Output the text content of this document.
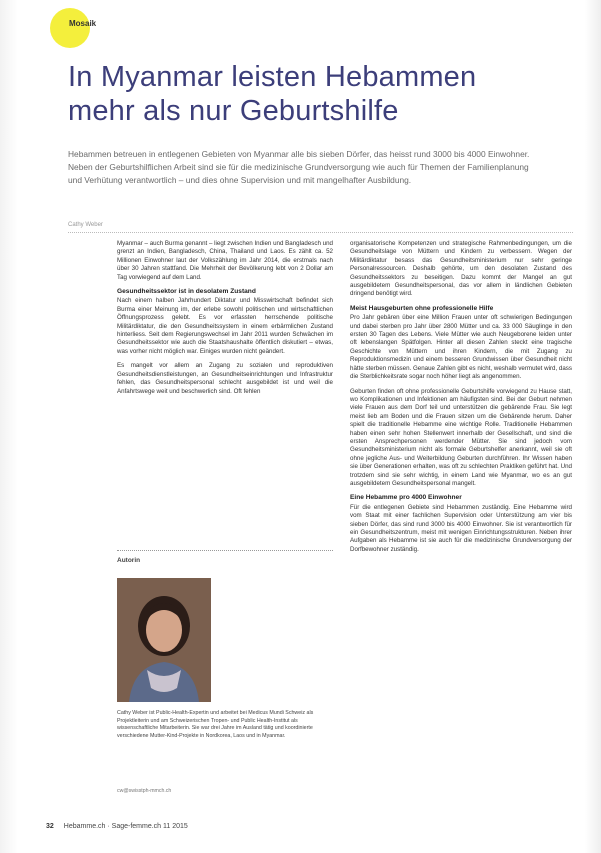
Mosaik
In Myanmar leisten Hebammen mehr als nur Geburtshilfe

Hebammen betreuen in entlegenen Gebieten von Myanmar alle bis sieben Dörfer, das heisst rund 3000 bis 4000 Einwohner. Neben der Geburtshilflichen Arbeit sind sie für die medizinische Grundversorgung wie auch für Themen der Familienplanung und Verhütung verantwortlich – und dies ohne Supervision und mit mangelhafter Ausbildung.

Cathy Weber

Myanmar – auch Burma genannt – liegt zwischen Indien und Bangladesch und grenzt an Indien, Bangladesch, China, Thailand und Laos. Es zählt ca. 52 Millionen Einwohner laut der Volkszählung im Jahr 2014, die erstmals nach über 30 Jahren stattfand. Die Mehrheit der Bevölkerung lebt von 2 Dollar am Tag vorwiegend auf dem Land.

Gesundheitssektor ist in desolatem Zustand

Nach einem halben Jahrhundert Diktatur und Misswirtschaft befindet sich Burma einer Meinung im, der erlebe sowohl politischen und wirtschaftlichen Öffnungsprozess gelebt. Es vor erfassten herrschende politische Militärdiktatur, die den Gesundheitssystem in einem erbärmlichen Zustand hinterliess. Seit dem Regierungswechsel im Jahr 2011 wurden Schwächen im Gesundheitssektor wie auch die Staatshaushalte öffentlich diskutiert – etwas, was vorher nicht möglich war. Einiges wurden nicht geändert.

Es mangelt vor allem an Zugang zu sozialen und reproduktiven Gesundheitsdienstleistungen, an Gesundheitseinrichtungen und Infrastruktur fehlen, das Gesundheitspersonal schlecht ausgebildet ist und weil die Anfahrtswege weit und beschwerlich sind. Oft fehlen

organisatorische Kompetenzen und strategische Rahmenbedingungen, um die Gesundheitslage von Müttern und Kindern zu verbessern. Wegen der Militärdiktatur besass das Gesundheitsministerium nur sehr geringe Personalressourcen. Deshalb gehörte, um den desolaten Zustand des Gesundheitssektors zu beseitigen. Dazu kommt der Mangel an gut ausgebildetem Gesundheitspersonal, das vor allem in ländlichen Gebieten dringend benötigt wird.

Meist Hausgeburten ohne professionelle Hilfe

Pro Jahr gebären über eine Million Frauen unter oft schwierigen Bedingungen und dabei sterben pro Jahr über 2800 Mütter und ca. 33 000 Säuglinge in den ersten 30 Tagen des Lebens. Viele Mütter wie auch Neugeborene leiden unter oft lebenslangen Spätfolgen. Hinter all diesen Zahlen steckt eine tragische Geschichte von Müttern und ihren Kindern, die mit Zugang zu Reproduktionsmedizin und einem besseren Grundwissen über Gesundheit nicht hätte sterben müssen. Genaue Zahlen gibt es nicht, weshalb vermutet wird, dass die Sterblichkeitsrate sogar noch höher liegt als angenommen.

Geburten finden oft ohne professionelle Geburtshilfe vorwiegend zu Hause statt, wo Komplikationen und Infektionen am häufigsten sind. Bei der Geburt nehmen viele Frauen aus dem Dorf teil und unterstützen die gebärende Frau. Sie legt meist lieb am Boden und die Frauen sitzen um die Gebärende herum. Daher spielt die traditionelle Hebamme eine wichtige Rolle. Traditionelle Hebammen haben einen sehr hohen Stellenwert innerhalb der Gesellschaft, und sind die ersten Ansprechpersonen werdender Mütter. Sie sind jedoch vom Gesundheitsministerium nicht als formale Geburtshelfer anerkannt, weil sie oft ohne jegliche Aus- und Weiterbildung Geburten durchführen. Ihr Wissen haben sie über Generationen erhalten, was oft zu schlechten Praktiken geführt hat. Und trotzdem sind sie sehr wichtig, in einem Land wie Myanmar, wo es an gut ausgebildetem Gesundheitspersonal mangelt.

Eine Hebamme pro 4000 Einwohner

Für die entlegenen Gebiete sind Hebammen zuständig. Eine Hebamme wird vom Staat mit einer fachlichen Supervision oder Unterstützung am vier bis sieben Dörfer, das sind rund 3000 bis 4000 Einwohner. Sie ist verantwortlich für ein Gesundheitszentrum, meist mit wenigen Einrichtungsstrukturen. Neben ihrer Aufgaben als Hebamme ist sie auch für die medizinische Grundversorgung der Dorfbewohner zuständig.

Autorin

Cathy Weber ist Public-Health-Expertin und arbeitet bei Medicus Mundi Schweiz als Projektleiterin und am Schweizerischen Tropen- und Public Health-Institut als wissenschaftliche Mitarbeiterin. Sie war drei Jahre im Ausland tätig und koordinierte verschiedene Mutter-Kind-Projekte in Nordkorea, Laos und in Myanmar.

cw@swisstph-mmch.ch
32 Hebamme.ch · Sage-femme.ch 11 2015
